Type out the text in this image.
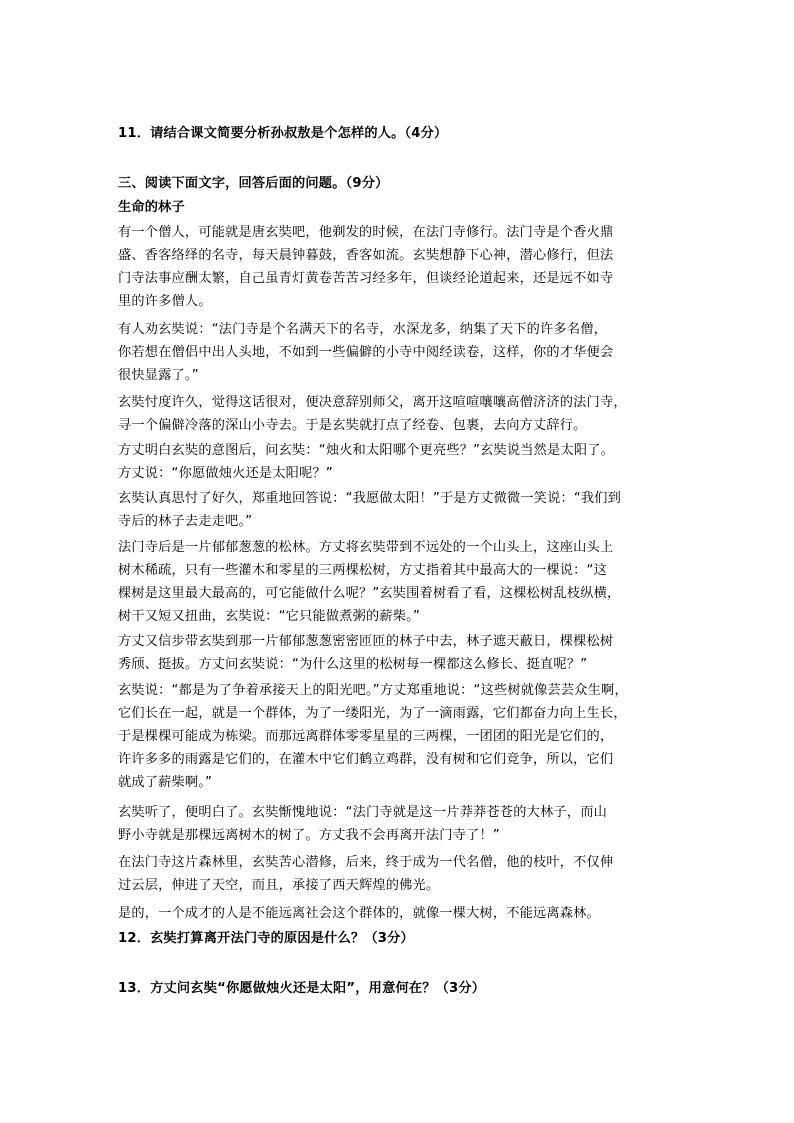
11．请结合课文简要分析孙叔敖是个怎样的人。（4分）
三、阅读下面文字，回答后面的问题。（9分）
生命的林子
有一个僧人，可能就是唐玄奘吧，他剃发的时候，在法门寺修行。法门寺是个香火鼎
盛、香客络绎的名寺，每天晨钟暮鼓，香客如流。玄奘想静下心神，潜心修行，但法
门寺法事应酬太繁，自己虽青灯黄卷苦苦习经多年，但谈经论道起来，还是远不如寺
里的许多僧人。
有人劝玄奘说：“法门寺是个名满天下的名寺，水深龙多，纳集了天下的许多名僧，
你若想在僧侣中出人头地，不如到一些偏僻的小寺中阅经读卷，这样，你的才华便会
很快显露了。”
玄奘忖度许久，觉得这话很对，便决意辞别师父，离开这喧喧嚷嚷高僧济济的法门寺，
寻一个偏僻冷落的深山小寺去。于是玄奘就打点了经卷、包裹，去向方丈辞行。
方丈明白玄奘的意图后，问玄奘：“烛火和太阳哪个更亮些？”玄奘说当然是太阳了。
方丈说：“你愿做烛火还是太阳呢？”
玄奘认真思忖了好久，郑重地回答说：“我愿做太阳！”于是方丈微微一笑说：“我们到
寺后的林子去走走吧。”
法门寺后是一片郁郁葱葱的松林。方丈将玄奘带到不远处的一个山头上，这座山头上
树木稀疏，只有一些灌木和零星的三两棵松树，方丈指着其中最高大的一棵说：“这
棵树是这里最大最高的，可它能做什么呢？”玄奘围着树看了看，这棵松树乱枝纵横，
树干又短又扭曲，玄奘说：“它只能做煮粥的薪柴。”
方丈又信步带玄奘到那一片郁郁葱葱密密匝匝的林子中去，林子遮天蔽日，棵棵松树
秀颀、挺拔。方丈问玄奘说：“为什么这里的松树每一棵都这么修长、挺直呢？”
玄奘说：“都是为了争着承接天上的阳光吧。”方丈郑重地说：“这些树就像芸芸众生啊，
它们长在一起，就是一个群体，为了一缕阳光，为了一滴雨露，它们都奋力向上生长，
于是棵棵可能成为栋梁。而那远离群体零零星星的三两棵，一团团的阳光是它们的，
许许多多的雨露是它们的，在灌木中它们鹤立鸡群，没有树和它们竞争，所以，它们
就成了薪柴啊。”
玄奘听了，便明白了。玄奘惭愧地说：“法门寺就是这一片莽莽苍苍的大林子，而山
野小寺就是那棵远离树木的树了。方丈我不会再离开法门寺了！”
在法门寺这片森林里，玄奘苦心潜修，后来，终于成为一代名僧，他的枝叶，不仅伸
过云层，伸进了天空，而且，承接了西天辉煌的佛光。
是的，一个成才的人是不能远离社会这个群体的，就像一棵大树，不能远离森林。
12．玄奘打算离开法门寺的原因是什么？（3分）
13．方丈问玄奘“你愿做烛火还是太阳”，用意何在？（3分）
